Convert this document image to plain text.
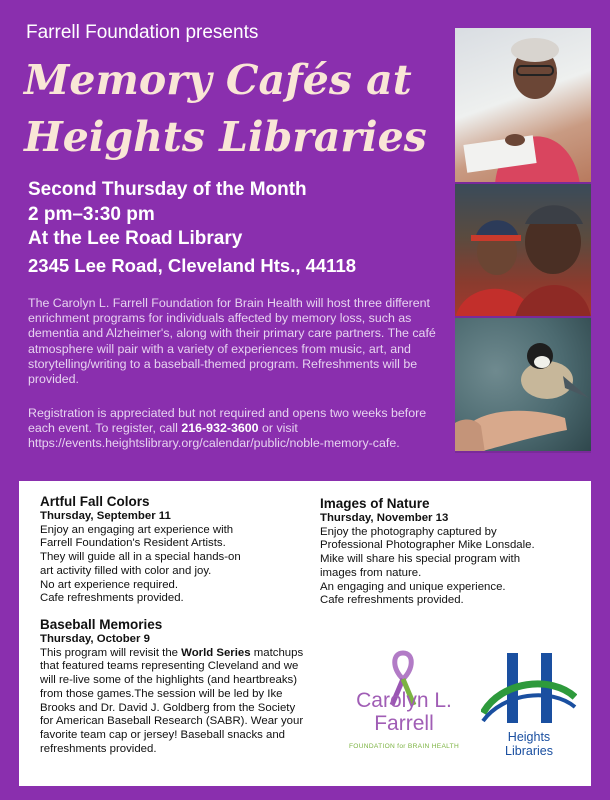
Farrell Foundation presents
Memory Cafés at
Heights Libraries
Second Thursday of the Month
2 pm–3:30 pm
At the Lee Road Library
2345 Lee Road, Cleveland Hts., 44118

The Carolyn L. Farrell Foundation for Brain Health will host three different enrichment programs for individuals affected by memory loss, such as dementia and Alzheimer's, along with their primary care partners. The café atmosphere will pair with a variety of experiences from music, art, and storytelling/writing to a baseball-themed program. Refreshments will be provided.

Registration is appreciated but not required and opens two weeks before each event. To register, call 216-932-3600 or visit https://events.heightslibrary.org/calendar/public/noble-memory-cafe.

Artful Fall Colors

Thursday, September 11

Enjoy an engaging art experience with

Farrell Foundation's Resident Artists.

They will guide all in a special hands-on

art activity filled with color and joy.

No art experience required.

Cafe refreshments provided.

Baseball Memories

Thursday, October 9

This program will revisit the World Series matchups that featured teams representing Cleveland and we will re-live some of the highlights (and heartbreaks) from those games.The session will be led by Ike Brooks and Dr. David J. Goldberg from the Society for American Baseball Research (SABR). Wear your favorite team cap or jersey! Baseball snacks and refreshments provided.

Images of Nature

Thursday, November 13

Enjoy the photography captured by

Professional Photographer Mike Lonsdale.

Mike will share his special program with

images from nature.

An engaging and unique experience.

Cafe refreshments provided.

Carolyn L.
Farrell
FOUNDATION for BRAIN HEALTH
Heights
Libraries
